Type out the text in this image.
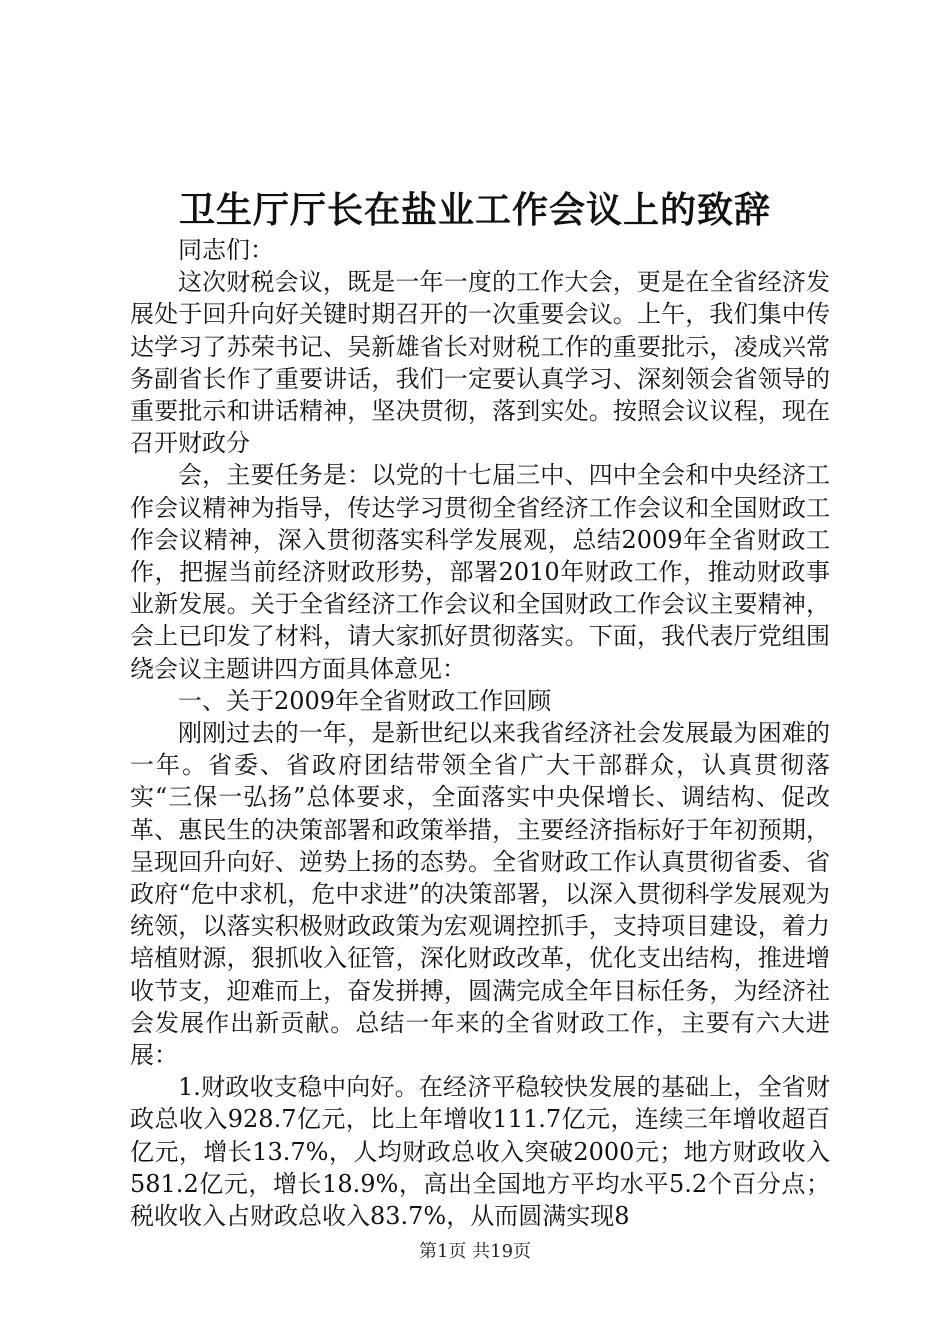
卫生厅厅长在盐业工作会议上的致辞

同志们：

这次财税会议，既是一年一度的工作大会，更是在全省经济发展处于回升向好关键时期召开的一次重要会议。上午，我们集中传达学习了苏荣书记、吴新雄省长对财税工作的重要批示，凌成兴常务副省长作了重要讲话，我们一定要认真学习、深刻领会省领导的重要批示和讲话精神，坚决贯彻，落到实处。按照会议议程，现在召开财政分

会，主要任务是：以党的十七届三中、四中全会和中央经济工作会议精神为指导，传达学习贯彻全省经济工作会议和全国财政工作会议精神，深入贯彻落实科学发展观，总结2009年全省财政工作，把握当前经济财政形势，部署2010年财政工作，推动财政事业新发展。关于全省经济工作会议和全国财政工作会议主要精神，会上已印发了材料，请大家抓好贯彻落实。下面，我代表厅党组围绕会议主题讲四方面具体意见：

一、关于2009年全省财政工作回顾

刚刚过去的一年，是新世纪以来我省经济社会发展最为困难的一年。省委、省政府团结带领全省广大干部群众，认真贯彻落实“三保一弘扬”总体要求，全面落实中央保增长、调结构、促改革、惠民生的决策部署和政策举措，主要经济指标好于年初预期，呈现回升向好、逆势上扬的态势。全省财政工作认真贯彻省委、省政府“危中求机，危中求进”的决策部署，以深入贯彻科学发展观为统领，以落实积极财政政策为宏观调控抓手，支持项目建设，着力培植财源，狠抓收入征管，深化财政改革，优化支出结构，推进增收节支，迎难而上，奋发拼搏，圆满完成全年目标任务，为经济社会发展作出新贡献。总结一年来的全省财政工作，主要有六大进展：

1.财政收支稳中向好。在经济平稳较快发展的基础上，全省财政总收入928.7亿元，比上年增收111.7亿元，连续三年增收超百亿元，增长13.7%，人均财政总收入突破2000元；地方财政收入581.2亿元，增长18.9%，高出全国地方平均水平5.2个百分点；税收收入占财政总收入83.7%，从而圆满实现8

第1页 共19页
